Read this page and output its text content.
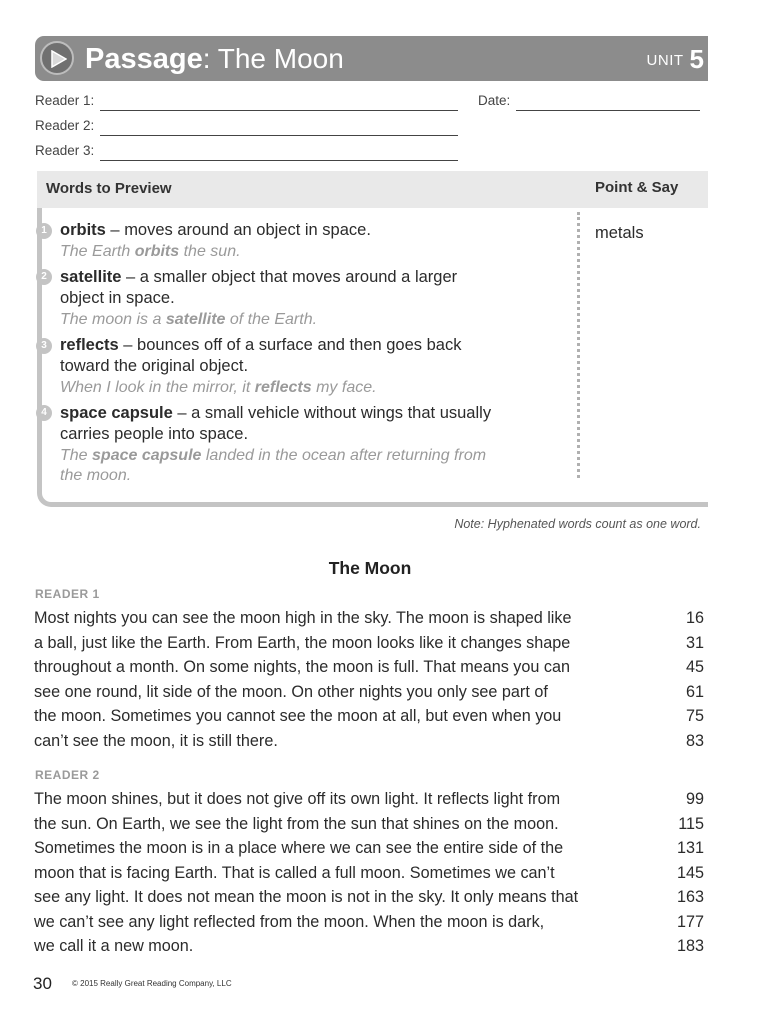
Passage: The Moon	UNIT 5
Reader 1:	Date:
Reader 2:
Reader 3:
Words to Preview	Point & Say
metals
1 orbits – moves around an object in space.
The Earth orbits the sun.
2 satellite – a smaller object that moves around a larger
object in space.
The moon is a satellite of the Earth.
3 reflects – bounces off of a surface and then goes back
toward the original object.
When I look in the mirror, it reflects my face.
4 space capsule – a small vehicle without wings that usually
carries people into space.
The space capsule landed in the ocean after returning from
the moon.
Note: Hyphenated words count as one word.
The Moon
READER 1
Most nights you can see the moon high in the sky. The moon is shaped like	16
a ball, just like the Earth. From Earth, the moon looks like it changes shape	31
throughout a month. On some nights, the moon is full. That means you can	45
see one round, lit side of the moon. On other nights you only see part of	61
the moon. Sometimes you cannot see the moon at all, but even when you	75
can’t see the moon, it is still there.	83
READER 2
The moon shines, but it does not give off its own light. It reflects light from	99
the sun. On Earth, we see the light from the sun that shines on the moon.	115
Sometimes the moon is in a place where we can see the entire side of the	131
moon that is facing Earth. That is called a full moon. Sometimes we can’t	145
see any light. It does not mean the moon is not in the sky. It only means that	163
we can’t see any light reflected from the moon. When the moon is dark,	177
we call it a new moon.	183
30	© 2015 Really Great Reading Company, LLC
